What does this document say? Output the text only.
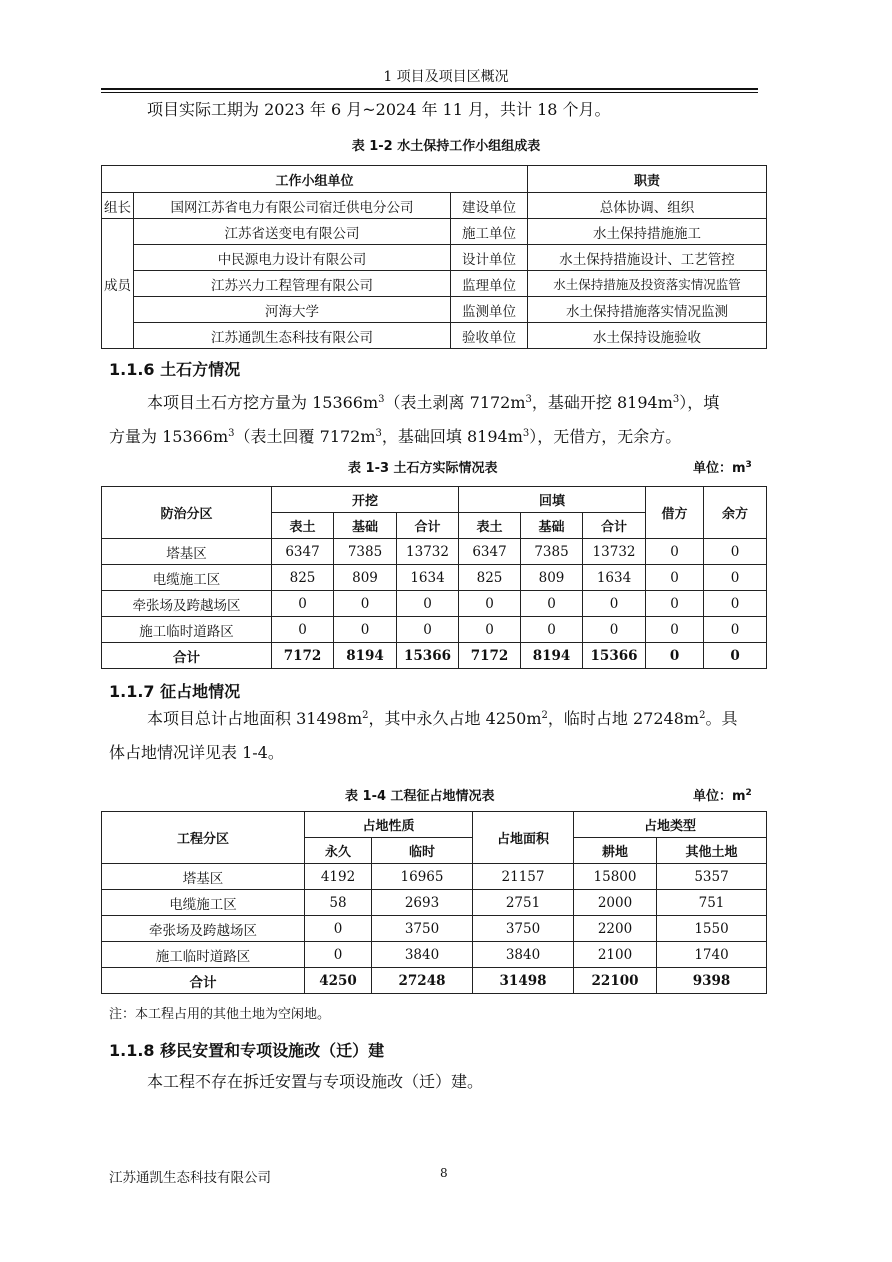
1 项目及项目区概况
项目实际工期为 2023 年 6 月~2024 年 11 月，共计 18 个月。
表 1-2 水土保持工作小组组成表
工作小组单位			职责
组长	国网江苏省电力有限公司宿迁供电分公司	建设单位	总体协调、组织
成员	江苏省送变电有限公司	施工单位	水土保持措施施工
	中民源电力设计有限公司	设计单位	水土保持措施设计、工艺管控
	江苏兴力工程管理有限公司	监理单位	水土保持措施及投资落实情况监管
	河海大学	监测单位	水土保持措施落实情况监测
	江苏通凯生态科技有限公司	验收单位	水土保持设施验收
1.1.6 土石方情况
本项目土石方挖方量为 $15366m^3$（表土剥离 $7172m^3$，基础开挖 $8194m^3$），填
方量为 $15366m^3$（表土回覆 $7172m^3$，基础回填 $8194m^3$），无借方，无余方。
表 1-3 土石方实际情况表	单位：$m^3$
防治分区	开挖			回填			借方	余方
	表土	基础	合计	表土	基础	合计		
塔基区	6347	7385	13732	6347	7385	13732	0	0
电缆施工区	825	809	1634	825	809	1634	0	0
牵张场及跨越场区	0	0	0	0	0	0	0	0
施工临时道路区	0	0	0	0	0	0	0	0
合计	7172	8194	15366	7172	8194	15366	0	0
1.1.7 征占地情况
本项目总计占地面积 $31498m^2$，其中永久占地 $4250m^2$，临时占地 $27248m^2$。具
体占地情况详见表 1-4。
表 1-4 工程征占地情况表	单位：$m^2$
工程分区	占地性质		占地面积	占地类型	
	永久	临时		耕地	其他土地
塔基区	4192	16965	21157	15800	5357
电缆施工区	58	2693	2751	2000	751
牵张场及跨越场区	0	3750	3750	2200	1550
施工临时道路区	0	3840	3840	2100	1740
合计	4250	27248	31498	22100	9398
注：本工程占用的其他土地为空闲地。
1.1.8 移民安置和专项设施改（迁）建
本工程不存在拆迁安置与专项设施改（迁）建。
江苏通凯生态科技有限公司	8
